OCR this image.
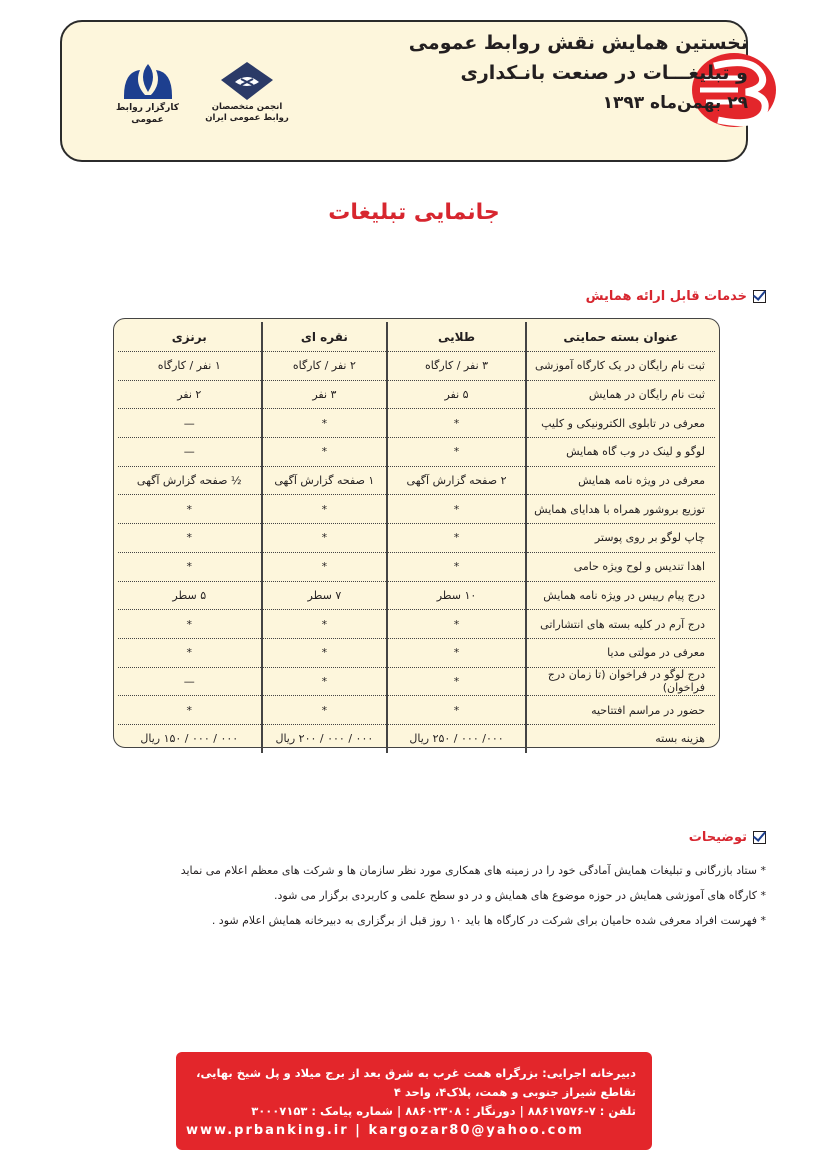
نخستین همایش نقش روابط عمومی
و تبلیغـــات در صنعت بانـکداری
۲۹ بهمن‌ماه ۱۳۹۳
انجمن متخصصان
روابط عمومی ایران
کارگزار روابط عمومی
جانمایی تبلیغات
خدمات قابل ارائه همایش
عنوان بسته حمایتی	طلایی	نقره ای	برنزی
ثبت نام رایگان در یک کارگاه آموزشی	۳ نفر / کارگاه	۲ نفر / کارگاه	۱ نفر / کارگاه
ثبت نام رایگان در همایش	۵ نفر	۳ نفر	۲ نفر
معرفی در تابلوی الکترونیکی و کلیپ	*	*	—
لوگو و لینک در وب گاه همایش	*	*	—
معرفی در ویژه نامه همایش	۲ صفحه گزارش آگهی	۱ صفحه گزارش آگهی	½ صفحه گزارش آگهی
توزیع بروشور همراه با هدایای همایش	*	*	*
چاپ لوگو بر روی پوستر	*	*	*
اهدا تندیس و لوح ویژه حامی	*	*	*
درج پیام رییس در ویژه نامه همایش	۱۰ سطر	۷ سطر	۵ سطر
درج آرم در کلیه بسته های انتشاراتی	*	*	*
معرفی در مولتی مدیا	*	*	*
درج لوگو در فراخوان (تا زمان درج فراخوان)	*	*	—
حضور در مراسم افتتاحیه	*	*	*
هزینه بسته	۰۰۰/ ۰۰۰ / ۲۵۰ ریال	۰۰۰ / ۰۰۰ / ۲۰۰ ریال	۰۰۰ / ۰۰۰ / ۱۵۰ ریال
توضیحات
* ستاد بازرگانی و تبلیغات همایش آمادگی خود را در زمینه های همکاری مورد نظر سازمان ها و شرکت های معظم اعلام می نماید
* کارگاه های آموزشی همایش در حوزه موضوع های همایش و در دو سطح علمی و کاربردی برگزار می شود.
* فهرست افراد معرفی شده حامیان برای شرکت در کارگاه ها باید ۱۰ روز قبل از برگزاری به دبیرخانه همایش اعلام شود .
دبیرخانه اجرایی: بزرگراه همت غرب به شرق بعد از برج میلاد و پل شیخ بهایی،
تقاطع شیراز جنوبی و همت، پلاک۴، واحد ۴
تلفن : ۷-۸۸۶۱۷۵۷۶ | دورنگار : ۸۸۶۰۲۳۰۸ | شماره پیامک : ۳۰۰۰۷۱۵۳
www.prbanking.ir | kargozar80@yahoo.com
